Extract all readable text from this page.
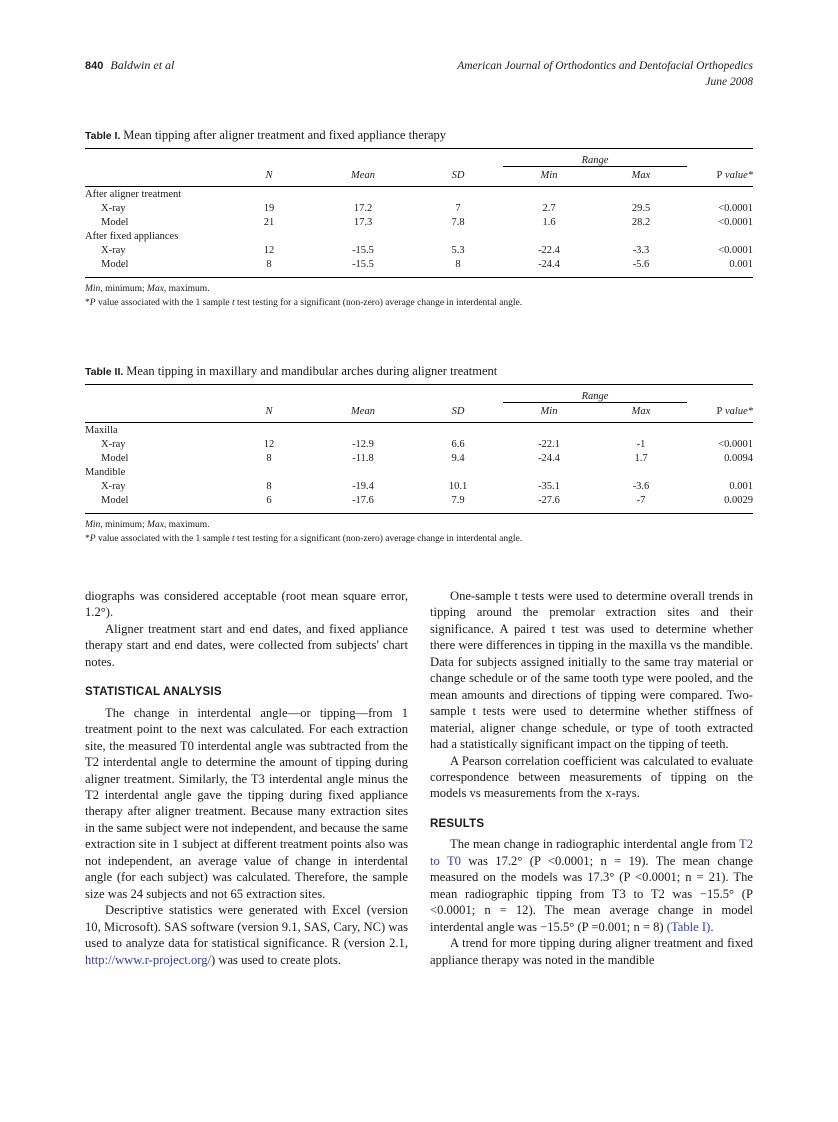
840 Baldwin et al	American Journal of Orthodontics and Dentofacial Orthopedics
June 2008
Table I. Mean tipping after aligner treatment and fixed appliance therapy

				Range		

	N	Mean	SD	Min	Max	P value*

After aligner treatment						
X-ray	19	17.2	7	2.7	29.5	<0.0001
Model	21	17.3	7.8	1.6	28.2	<0.0001
After fixed appliances						
X-ray	12	-15.5	5.3	-22.4	-3.3	<0.0001
Model	8	-15.5	8	-24.4	-5.6	0.001

Min, minimum; Max, maximum.
*P value associated with the 1 sample t test testing for a significant (non-zero) average change in interdental angle.
Table II. Mean tipping in maxillary and mandibular arches during aligner treatment

				Range		

	N	Mean	SD	Min	Max	P value*

Maxilla						
X-ray	12	-12.9	6.6	-22.1	-1	<0.0001
Model	8	-11.8	9.4	-24.4	1.7	0.0094
Mandible						
X-ray	8	-19.4	10.1	-35.1	-3.6	0.001
Model	6	-17.6	7.9	-27.6	-7	0.0029

Min, minimum; Max, maximum.
*P value associated with the 1 sample t test testing for a significant (non-zero) average change in interdental angle.

diographs was considered acceptable (root mean square error, 1.2°).

Aligner treatment start and end dates, and fixed appliance therapy start and end dates, were collected from subjects' chart notes.

STATISTICAL ANALYSIS

The change in interdental angle—or tipping—from 1 treatment point to the next was calculated. For each extraction site, the measured T0 interdental angle was subtracted from the T2 interdental angle to determine the amount of tipping during aligner treatment. Similarly, the T3 interdental angle minus the T2 interdental angle gave the tipping during fixed appliance therapy after aligner treatment. Because many extraction sites in the same subject were not independent, and because the same extraction site in 1 subject at different treatment points also was not independent, an average value of change in interdental angle (for each subject) was calculated. Therefore, the sample size was 24 subjects and not 65 extraction sites.

Descriptive statistics were generated with Excel (version 10, Microsoft). SAS software (version 9.1, SAS, Cary, NC) was used to analyze data for statistical significance. R (version 2.1, http://www.r-project.org/) was used to create plots.

One-sample t tests were used to determine overall trends in tipping around the premolar extraction sites and their significance. A paired t test was used to determine whether there were differences in tipping in the maxilla vs the mandible. Data for subjects assigned initially to the same tray material or change schedule or of the same tooth type were pooled, and the mean amounts and directions of tipping were compared. Two-sample t tests were used to determine whether stiffness of material, aligner change schedule, or type of tooth extracted had a statistically significant impact on the tipping of teeth.

A Pearson correlation coefficient was calculated to evaluate correspondence between measurements of tipping on the models vs measurements from the x-rays.

RESULTS

The mean change in radiographic interdental angle from T2 to T0 was 17.2° (P <0.0001; n = 19). The mean change measured on the models was 17.3° (P <0.0001; n = 21). The mean radiographic tipping from T3 to T2 was −15.5° (P <0.0001; n = 12). The mean average change in model interdental angle was −15.5° (P =0.001; n = 8) (Table I).

A trend for more tipping during aligner treatment and fixed appliance therapy was noted in the mandible
